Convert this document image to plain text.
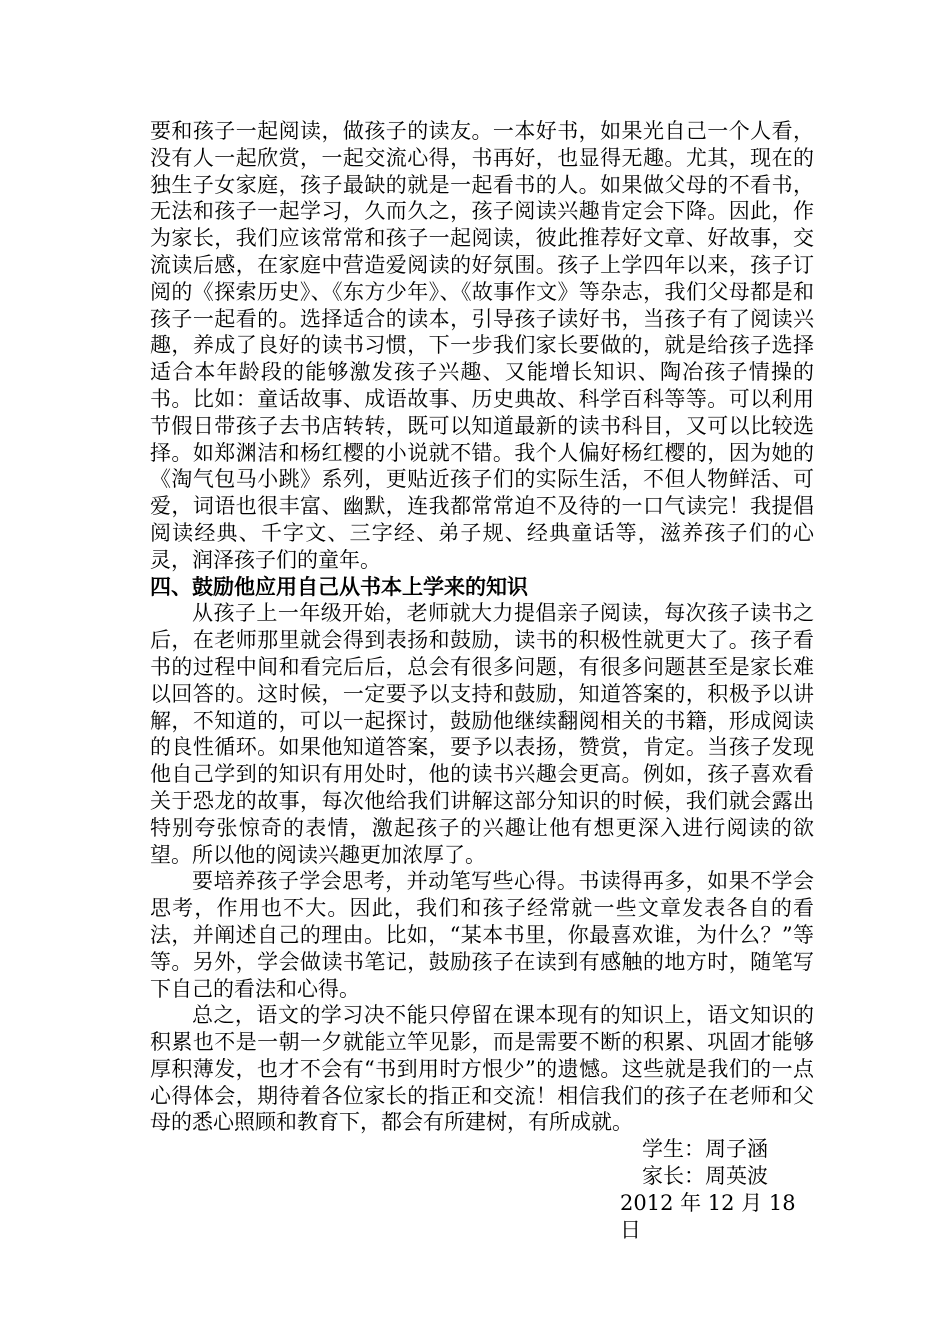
要和孩子一起阅读，做孩子的读友。一本好书，如果光自己一个人看，没有人一起欣赏，一起交流心得，书再好，也显得无趣。尤其，现在的独生子女家庭，孩子最缺的就是一起看书的人。如果做父母的不看书，无法和孩子一起学习，久而久之，孩子阅读兴趣肯定会下降。因此，作为家长，我们应该常常和孩子一起阅读，彼此推荐好文章、好故事，交流读后感，在家庭中营造爱阅读的好氛围。孩子上学四年以来，孩子订阅的《探索历史》、《东方少年》、《故事作文》等杂志，我们父母都是和孩子一起看的。选择适合的读本，引导孩子读好书，当孩子有了阅读兴趣，养成了良好的读书习惯，下一步我们家长要做的，就是给孩子选择适合本年龄段的能够激发孩子兴趣、又能增长知识、陶冶孩子情操的书。比如：童话故事、成语故事、历史典故、科学百科等等。可以利用节假日带孩子去书店转转，既可以知道最新的读书科目，又可以比较选择。如郑渊洁和杨红樱的小说就不错。我个人偏好杨红樱的，因为她的《淘气包马小跳》系列，更贴近孩子们的实际生活，不但人物鲜活、可爱，词语也很丰富、幽默，连我都常常迫不及待的一口气读完！我提倡阅读经典、千字文、三字经、弟子规、经典童话等，滋养孩子们的心灵，润泽孩子们的童年。

四、鼓励他应用自己从书本上学来的知识

从孩子上一年级开始，老师就大力提倡亲子阅读，每次孩子读书之后，在老师那里就会得到表扬和鼓励，读书的积极性就更大了。孩子看书的过程中间和看完后后，总会有很多问题，有很多问题甚至是家长难以回答的。这时候，一定要予以支持和鼓励，知道答案的，积极予以讲解，不知道的，可以一起探讨，鼓励他继续翻阅相关的书籍，形成阅读的良性循环。如果他知道答案，要予以表扬，赞赏，肯定。当孩子发现他自己学到的知识有用处时，他的读书兴趣会更高。例如，孩子喜欢看关于恐龙的故事，每次他给我们讲解这部分知识的时候，我们就会露出特别夸张惊奇的表情，激起孩子的兴趣让他有想更深入进行阅读的欲望。所以他的阅读兴趣更加浓厚了。

要培养孩子学会思考，并动笔写些心得。书读得再多，如果不学会思考，作用也不大。因此，我们和孩子经常就一些文章发表各自的看法，并阐述自己的理由。比如，“某本书里，你最喜欢谁，为什么？”等等。另外，学会做读书笔记，鼓励孩子在读到有感触的地方时，随笔写下自己的看法和心得。

总之，语文的学习决不能只停留在课本现有的知识上，语文知识的积累也不是一朝一夕就能立竿见影，而是需要不断的积累、巩固才能够厚积薄发，也才不会有“书到用时方恨少”的遗憾。这些就是我们的一点心得体会，期待着各位家长的指正和交流！相信我们的孩子在老师和父母的悉心照顾和教育下，都会有所建树，有所成就。

学生：周子涵

家长：周英波

2012 年 12 月 18 日
